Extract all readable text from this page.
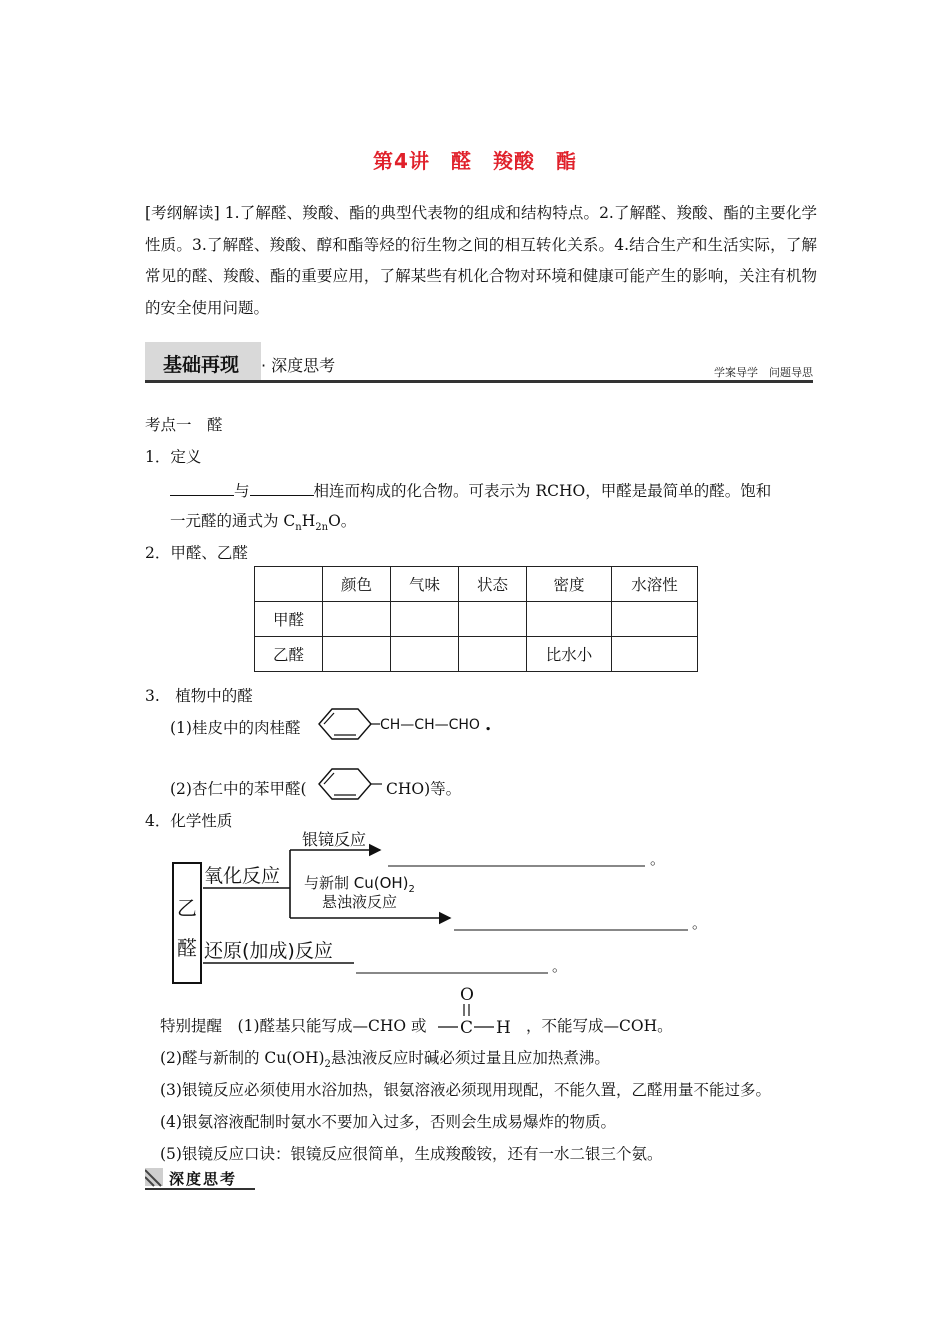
第4讲　醛　羧酸　酯
[考纲解读] 1.了解醛、羧酸、酯的典型代表物的组成和结构特点。2.了解醛、羧酸、酯的主要化学性质。3.了解醛、羧酸、醇和酯等烃的衍生物之间的相互转化关系。4.结合生产和生活实际，了解常见的醛、羧酸、酯的重要应用，了解某些有机化合物对环境和健康可能产生的影响，关注有机物的安全使用问题。
基础再现 · 深度思考	学案导学　问题导思
考点一　醛
1．定义
与	相连而构成的化合物。可表示为 RCHO，甲醛是最简单的醛。饱和
一元醛的通式为 $C_nH_{2n}O$。
2．甲醛、乙醛
	颜色	气味	状态	密度	水溶性
甲醛					
乙醛				比水小	
3.　植物中的醛
(1)桂皮中的肉桂醛	CH—CH—CHO .
(2)杏仁中的苯甲醛(	CHO)等。
4．化学性质
乙
醛
氧化反应
银镜反应
。
与新制 $Cu(OH)_2$
悬浊液反应
。
还原(加成)反应
。
特别提醒　 (1)醛基只能写成—CHO 或
O
C H ，不能写成—COH。
(2)醛与新制的 $Cu(OH)_2$悬浊液反应时碱必须过量且应加热煮沸。
(3)银镜反应必须使用水浴加热，银氨溶液必须现用现配，不能久置，乙醛用量不能过多。
(4)银氨溶液配制时氨水不要加入过多，否则会生成易爆炸的物质。
(5)银镜反应口诀：银镜反应很简单，生成羧酸铵，还有一水二银三个氨。
深度思考
